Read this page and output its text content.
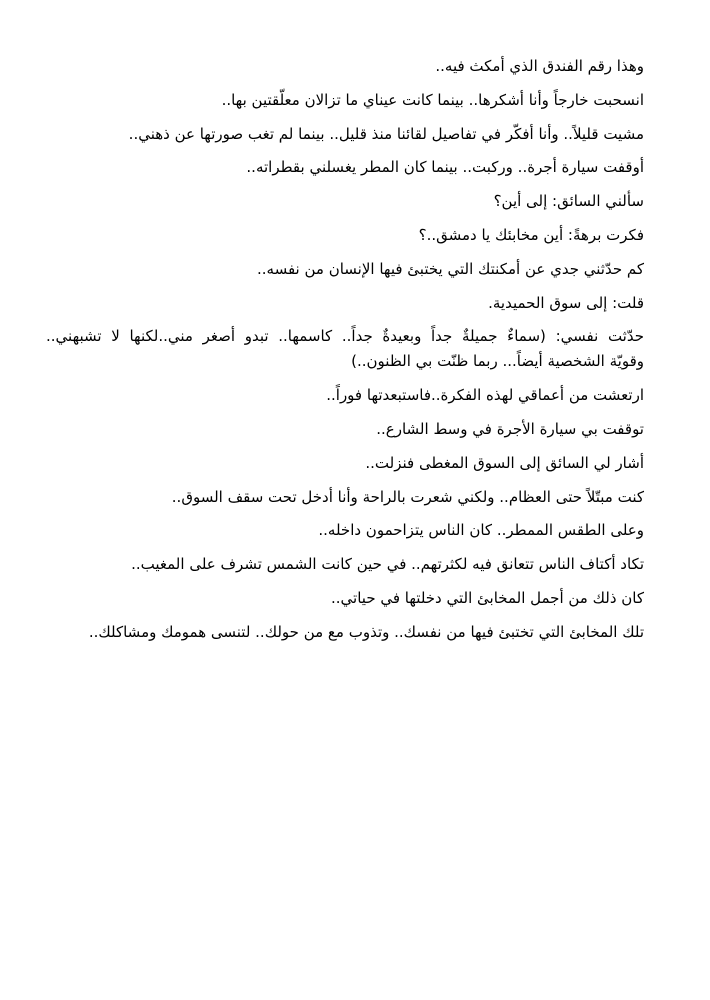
وهذا رقم الفندق الذي أمكث فيه..
انسحبت خارجاً وأنا أشكرها.. بينما كانت عيناي ما تزالان معلّقتين بها..
مشيت قليلاً.. وأنا أفكّر في تفاصيل لقائنا منذ قليل.. بينما لم تغب صورتها عن ذهني..
أوقفت سيارة أجرة.. وركبت.. بينما كان المطر يغسلني بقطراته..
سألني السائق: إلى أين؟
فكرت برهةً: أين مخابئك يا دمشق..؟
كم حدّثني جدي عن أمكنتك التي يختبئ فيها الإنسان من نفسه..
قلت: إلى سوق الحميدية.
حدّثت نفسي: (سماءٌ جميلةٌ جداً وبعيدةٌ جداً.. كاسمها.. تبدو أصغر مني..لكنها لا تشبهني..
وقويّة الشخصية أيضاً... ربما ظنّت بي الظنون..)
ارتعشت من أعماقي لهذه الفكرة..فاستبعدتها فوراً..
توقفت بي سيارة الأجرة في وسط الشارع..
أشار لي السائق إلى السوق المغطى فنزلت..
كنت مبتّلاً حتى العظام.. ولكني شعرت بالراحة وأنا أدخل تحت سقف السوق..
وعلى الطقس الممطر.. كان الناس يتزاحمون داخله..
تكاد أكتاف الناس تتعانق فيه لكثرتهم.. في حين كانت الشمس تشرف على المغيب..
كان ذلك من أجمل المخابئ التي دخلتها في حياتي..
تلك المخابئ التي تختبئ فيها من نفسك.. وتذوب مع من حولك.. لتنسى همومك ومشاكلك..
